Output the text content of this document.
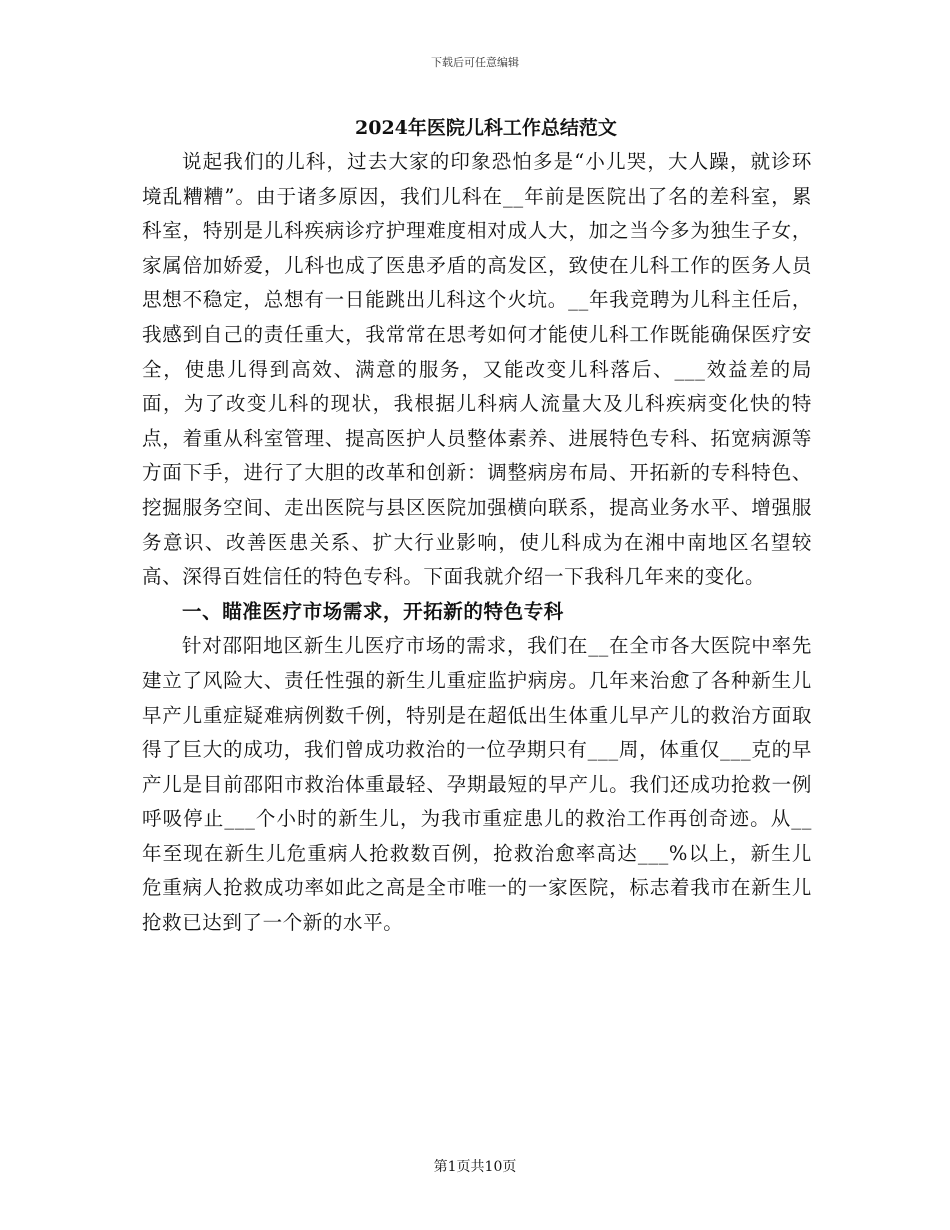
下载后可任意编辑
2024年医院儿科工作总结范文

说起我们的儿科，过去大家的印象恐怕多是“小儿哭，大人躁，就诊环境乱糟糟”。由于诸多原因，我们儿科在__年前是医院出了名的差科室，累科室，特别是儿科疾病诊疗护理难度相对成人大，加之当今多为独生子女，家属倍加娇爱，儿科也成了医患矛盾的高发区，致使在儿科工作的医务人员思想不稳定，总想有一日能跳出儿科这个火坑。__年我竞聘为儿科主任后，我感到自己的责任重大，我常常在思考如何才能使儿科工作既能确保医疗安全，使患儿得到高效、满意的服务，又能改变儿科落后、___效益差的局面，为了改变儿科的现状，我根据儿科病人流量大及儿科疾病变化快的特点，着重从科室管理、提高医护人员整体素养、进展特色专科、拓宽病源等方面下手，进行了大胆的改革和创新：调整病房布局、开拓新的专科特色、挖掘服务空间、走出医院与县区医院加强横向联系，提高业务水平、增强服务意识、改善医患关系、扩大行业影响，使儿科成为在湘中南地区名望较高、深得百姓信任的特色专科。下面我就介绍一下我科几年来的变化。

一、瞄准医疗市场需求，开拓新的特色专科

针对邵阳地区新生儿医疗市场的需求，我们在__在全市各大医院中率先建立了风险大、责任性强的新生儿重症监护病房。几年来治愈了各种新生儿早产儿重症疑难病例数千例，特别是在超低出生体重儿早产儿的救治方面取得了巨大的成功，我们曾成功救治的一位孕期只有___周，体重仅___克的早产儿是目前邵阳市救治体重最轻、孕期最短的早产儿。我们还成功抢救一例呼吸停止___个小时的新生儿，为我市重症患儿的救治工作再创奇迹。从__年至现在新生儿危重病人抢救数百例，抢救治愈率高达___%以上，新生儿危重病人抢救成功率如此之高是全市唯一的一家医院，标志着我市在新生儿抢救已达到了一个新的水平。

第1页共10页
